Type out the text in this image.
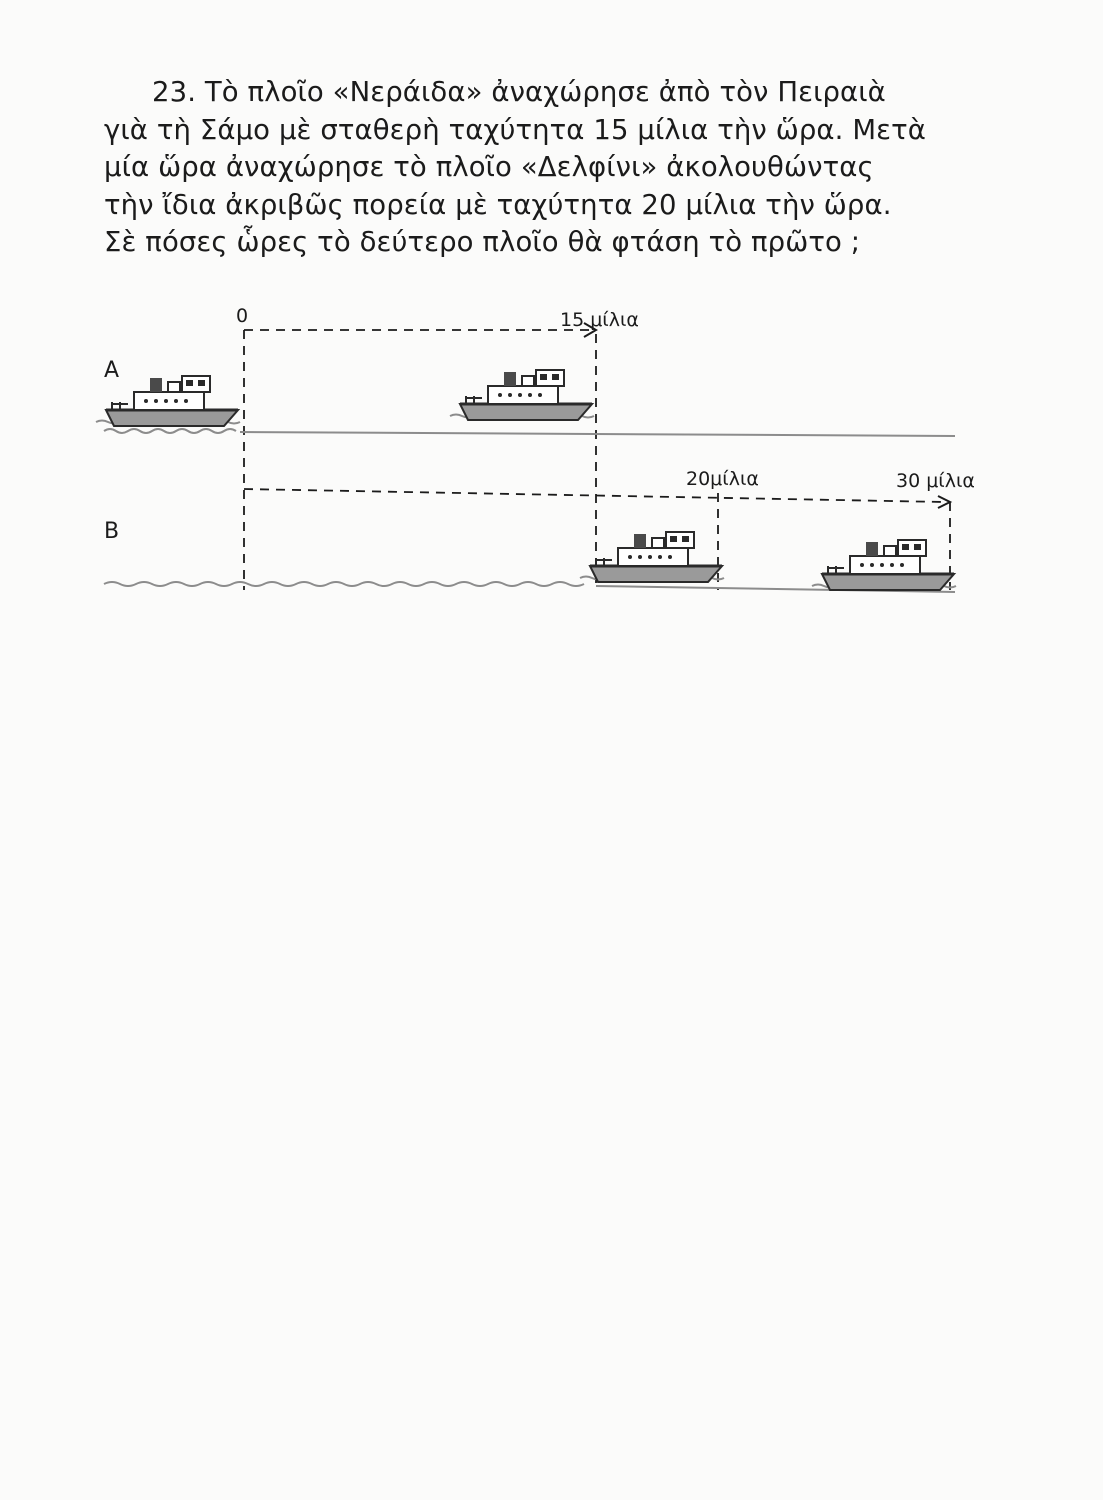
23. Τὸ πλοῖο «Νεράιδα» ἀναχώρησε ἀπὸ τὸν Πειραιὰ
γιὰ τὴ Σάμο μὲ σταθερὴ ταχύτητα 15 μίλια τὴν ὥρα. Μετὰ
μία ὥρα ἀναχώρησε τὸ πλοῖο «Δελφίνι» ἀκολουθώντας
τὴν ἴδια ἀκριβῶς πορεία μὲ ταχύτητα 20 μίλια τὴν ὥρα.
Σὲ πόσες ὧρες τὸ δεύτερο πλοῖο θὰ φτάση τὸ πρῶτο ;
A
B
0	15 μίλια
20μίλια	30 μίλια
